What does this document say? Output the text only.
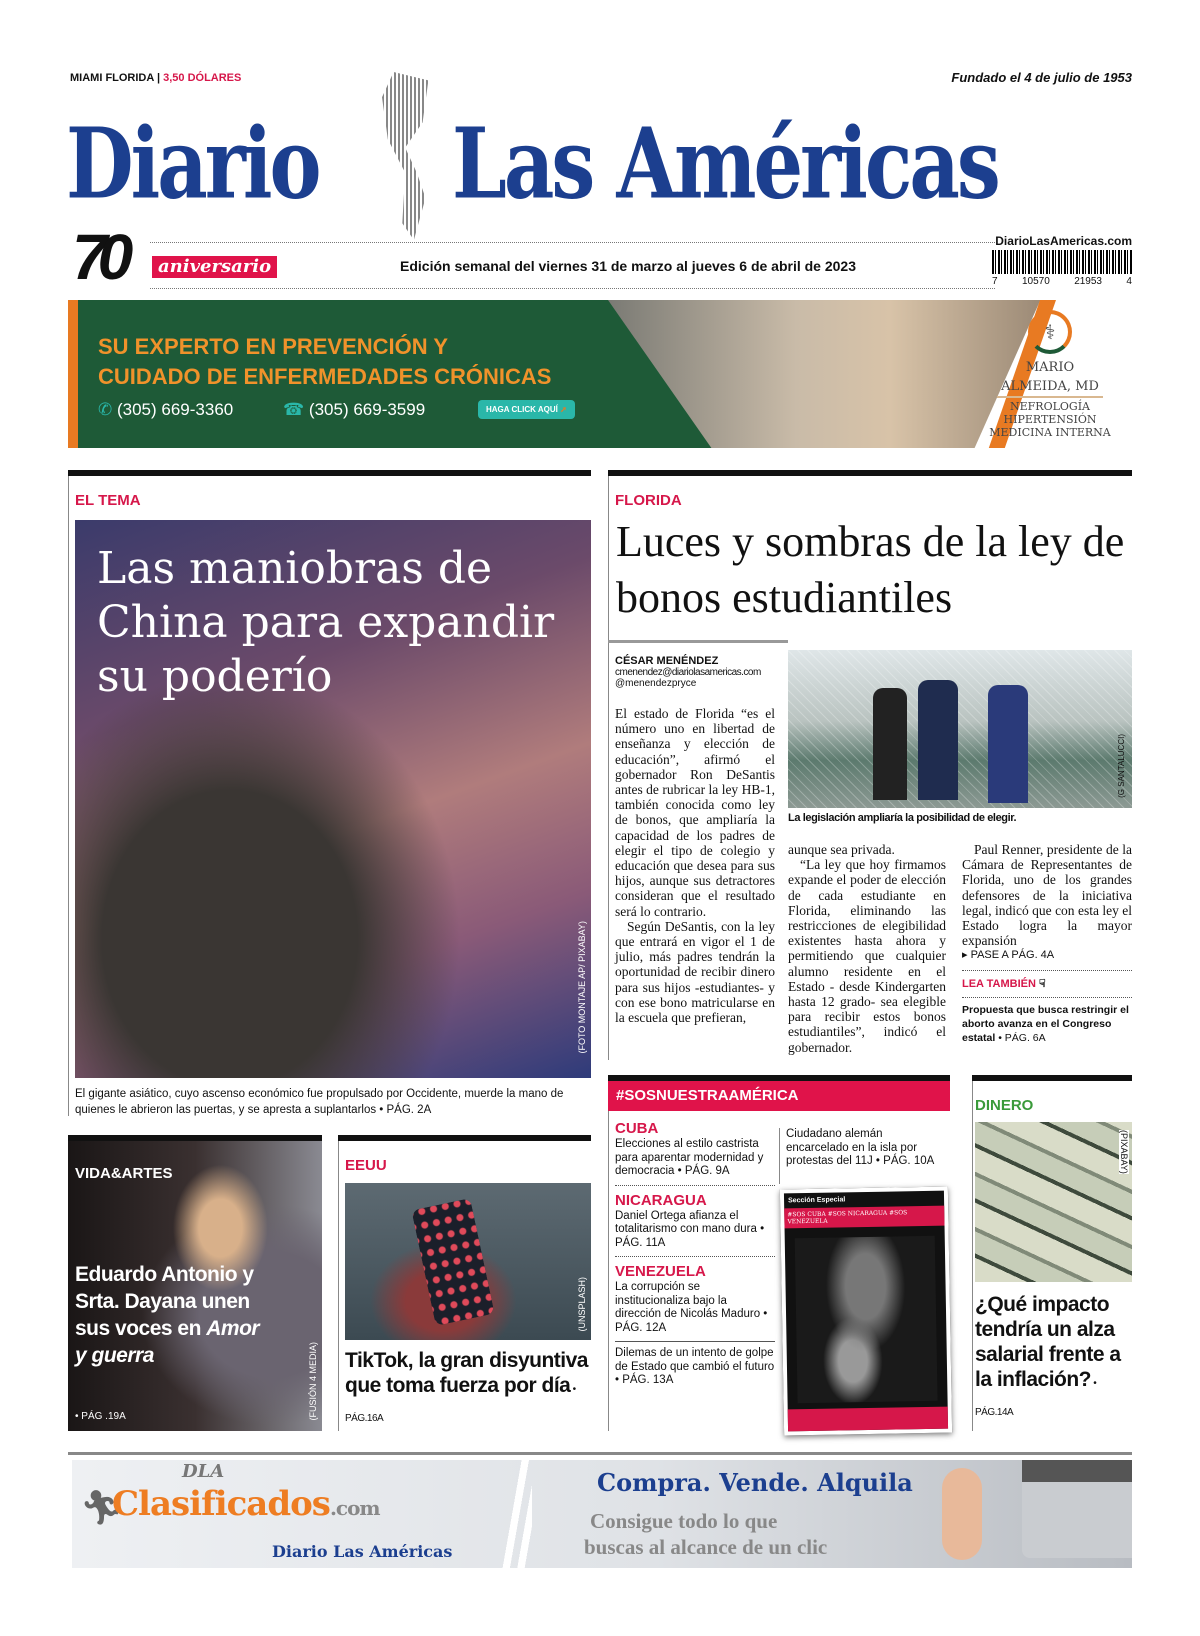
MIAMI FLORIDA | 3,50 DÓLARES	Fundado el 4 de julio de 1953
Diario Las Américas
70	aniversario	Edición semanal del viernes 31 de marzo al jueves 6 de abril de 2023
DiarioLasAmericas.com
7 10570 21953 4
SU EXPERTO EN PREVENCIÓN Y
CUIDADO DE ENFERMEDADES CRÓNICAS
✆ (305) 669-3360	☎ (305) 669-3599	HAGA CLICK AQUÍ ➚
⚕
MARIO
ALMEIDA, MD
NEFROLOGÍA
HIPERTENSIÓN
MEDICINA INTERNA
EL TEMA
Las maniobras de China para expandir su poderío
(FOTO MONTAJE AP/ PIXABAY)
El gigante asiático, cuyo ascenso económico fue propulsado por Occidente, muerde la mano de quienes le abrieron las puertas, y se apresta a suplantarlos • PÁG. 2A
FLORIDA
Luces y sombras de la ley de bonos estudiantiles
CÉSAR MENÉNDEZ
cmenendez@diariolasamericas.com
@menendezpryce
(G SANTALUCCI)
La legislación ampliaría la posibilidad de elegir.

El estado de Florida “es el número uno en libertad de enseñanza y elección de educación”, afirmó el gobernador Ron DeSantis antes de rubricar la ley HB-1, también conocida como ley de bonos, que ampliaría la capacidad de los padres de elegir el tipo de colegio y educación que desea para sus hijos, aunque sus detractores consideran que el resultado será lo contrario.

Según DeSantis, con la ley que entrará en vigor el 1 de julio, más padres tendrán la oportunidad de recibir dinero para sus hijos -estudiantes- y con ese bono matricularse en la escuela que prefieran,

aunque sea privada.

“La ley que hoy firmamos expande el poder de elección de cada estudiante en Florida, eliminando las restricciones de elegibilidad existentes hasta ahora y permitiendo que cualquier alumno residente en el Estado - desde Kindergarten hasta 12 grado- sea elegible para recibir estos bonos estudiantiles”, indicó el gobernador.

Paul Renner, presidente de la Cámara de Representantes de Florida, uno de los grandes defensores de la iniciativa legal, indicó que con esta ley el Estado logra la mayor expansión

▸ PASE A PÁG. 4A
LEA TAMBIÉN ☟
Propuesta que busca restringir el aborto avanza en el Congreso estatal • PÁG. 6A
VIDA&ARTES
Eduardo Antonio y Srta. Dayana unen sus voces en Amor y guerra
• PÁG .19A	(FUSIÓN 4 MEDIA)
EEUU
(UNSPLASH)
TikTok, la gran disyuntiva que toma fuerza por día • PÁG.16A
#SOSNUESTRAAMÉRICA
CUBA
Elecciones al estilo castrista para aparentar modernidad y democracia • PÁG. 9A
NICARAGUA
Daniel Ortega afianza el totalitarismo con mano dura • PÁG. 11A
VENEZUELA
La corrupción se institucionaliza bajo la dirección de Nicolás Maduro • PÁG. 12A
Dilemas de un intento de golpe de Estado que cambió el futuro • PÁG. 13A
Ciudadano alemán encarcelado en la isla por protestas del 11J • PÁG. 10A
Sección Especial
#SOS CUBA #SOS NICARAGUA #SOS VENEZUELA
DINERO
(PIXABAY)
¿Qué impacto tendría un alza salarial frente a la inflación? • PÁG.14A
🏃︎
DLA
Clasificados.com
Diario Las Américas
Compra. Vende. Alquila
Consigue todo lo que
buscas al alcance de un clic
